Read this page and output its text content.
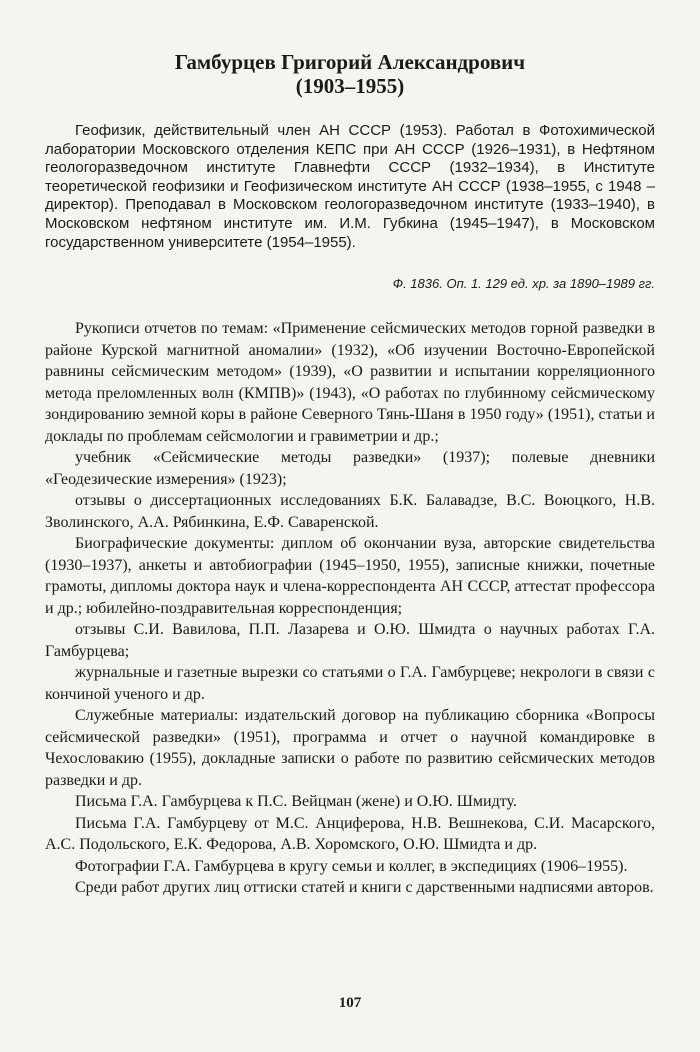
Гамбурцев Григорий Александрович
(1903–1955)

Геофизик, действительный член АН СССР (1953). Работал в Фотохимической лаборатории Московского отделения КЕПС при АН СССР (1926–1931), в Нефтяном геологоразведочном институте Главнефти СССР (1932–1934), в Институте теоретической геофизики и Геофизическом институте АН СССР (1938–1955, с 1948 – директор). Преподавал в Московском геологоразведочном институте (1933–1940), в Московском нефтяном институте им. И.М. Губкина (1945–1947), в Московском государственном университете (1954–1955).

Ф. 1836. Оп. 1. 129 ед. хр. за 1890–1989 гг.

Рукописи отчетов по темам: «Применение сейсмических методов горной разведки в районе Курской магнитной аномалии» (1932), «Об изучении Восточно-Европейской равнины сейсмическим методом» (1939), «О развитии и испытании корреляционного метода преломленных волн (КМПВ)» (1943), «О работах по глубинному сейсмическому зондированию земной коры в районе Северного Тянь-Шаня в 1950 году» (1951), статьи и доклады по проблемам сейсмологии и гравиметрии и др.;

учебник «Сейсмические методы разведки» (1937); полевые дневники «Геодезические измерения» (1923);

отзывы о диссертационных исследованиях Б.К. Балавадзе, В.С. Воюцкого, Н.В. Зволинского, А.А. Рябинкина, Е.Ф. Саваренской.

Биографические документы: диплом об окончании вуза, авторские свидетельства (1930–1937), анкеты и автобиографии (1945–1950, 1955), записные книжки, почетные грамоты, дипломы доктора наук и члена-корреспондента АН СССР, аттестат профессора и др.; юбилейно-поздравительная корреспонденция;

отзывы С.И. Вавилова, П.П. Лазарева и О.Ю. Шмидта о научных работах Г.А. Гамбурцева;

журнальные и газетные вырезки со статьями о Г.А. Гамбурцеве; некрологи в связи с кончиной ученого и др.

Служебные материалы: издательский договор на публикацию сборника «Вопросы сейсмической разведки» (1951), программа и отчет о научной командировке в Чехословакию (1955), докладные записки о работе по развитию сейсмических методов разведки и др.

Письма Г.А. Гамбурцева к П.С. Вейцман (жене) и О.Ю. Шмидту.

Письма Г.А. Гамбурцеву от М.С. Анциферова, Н.В. Вешнекова, С.И. Масарского, А.С. Подольского, Е.К. Федорова, А.В. Хоромского, О.Ю. Шмидта и др.

Фотографии Г.А. Гамбурцева в кругу семьи и коллег, в экспедициях (1906–1955).

Среди работ других лиц оттиски статей и книги с дарственными надписями авторов.

107
